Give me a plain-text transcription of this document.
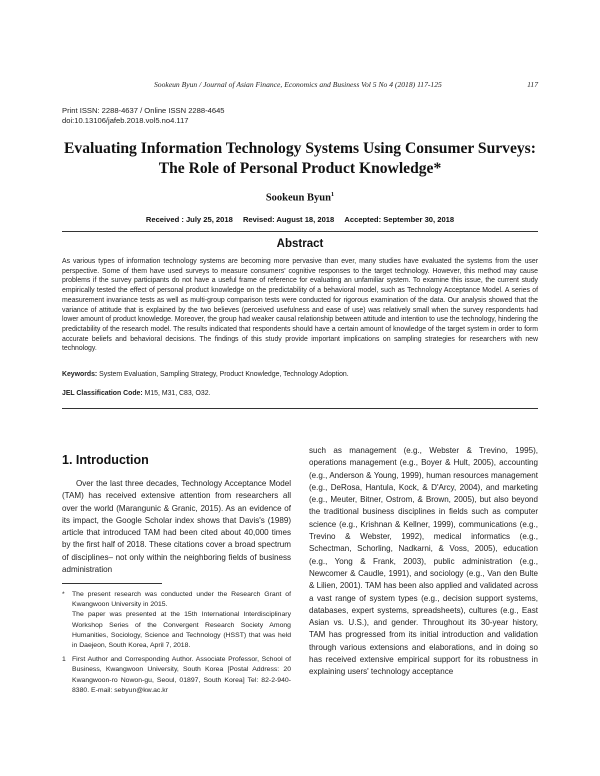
Sookeun Byun / Journal of Asian Finance, Economics and Business Vol 5 No 4 (2018) 117-125	117
Print ISSN: 2288-4637 / Online ISSN 2288-4645
doi:10.13106/jafeb.2018.vol5.no4.117
Evaluating Information Technology Systems Using Consumer Surveys:
The Role of Personal Product Knowledge*
Sookeun Byun$^1$
Received : July 25, 2018 Revised: August 18, 2018 Accepted: September 30, 2018
Abstract
As various types of information technology systems are becoming more pervasive than ever, many studies have evaluated the systems from the user perspective. Some of them have used surveys to measure consumers' cognitive responses to the target technology. However, this method may cause problems if the survey participants do not have a useful frame of reference for evaluating an unfamiliar system. To examine this issue, the current study empirically tested the effect of personal product knowledge on the predictability of a behavioral model, such as Technology Acceptance Model. A series of measurement invariance tests as well as multi-group comparison tests were conducted for rigorous examination of the data. Our analysis showed that the variance of attitude that is explained by the two believes (perceived usefulness and ease of use) was relatively small when the survey respondents had lower amount of product knowledge. Moreover, the group had weaker causal relationship between attitude and intention to use the technology, hindering the predictability of the research model. The results indicated that respondents should have a certain amount of knowledge of the target system in order to form accurate beliefs and behavioral decisions. The findings of this study provide important implications on sampling strategies for researchers with new technology.
Keywords: System Evaluation, Sampling Strategy, Product Knowledge, Technology Adoption.
JEL Classification Code: M15, M31, C83, O32.
1. Introduction

Over the last three decades, Technology Acceptance Model (TAM) has received extensive attention from researchers all over the world (Marangunic & Granic, 2015). As an evidence of its impact, the Google Scholar index shows that Davis's (1989) article that introduced TAM had been cited about 40,000 times by the first half of 2018. These citations cover a broad spectrum of disciplines– not only within the neighboring fields of business administration

* The present research was conducted under the Research Grant of Kwangwoon University in 2015.
The paper was presented at the 15th International Interdisciplinary Workshop Series of the Convergent Research Society Among Humanities, Sociology, Science and Technology (HSST) that was held in Daejeon, South Korea, April 7, 2018.
1 First Author and Corresponding Author. Associate Professor, School of Business, Kwangwoon University, South Korea [Postal Address: 20 Kwangwoon-ro Nowon-gu, Seoul, 01897, South Korea] Tel: 82-2-940-8380. E-mail: sebyun@kw.ac.kr

such as management (e.g., Webster & Trevino, 1995), operations management (e.g., Boyer & Hult, 2005), accounting (e.g., Anderson & Young, 1999), human resources management (e.g., DeRosa, Hantula, Kock, & D'Arcy, 2004), and marketing (e.g., Meuter, Bitner, Ostrom, & Brown, 2005), but also beyond the traditional business disciplines in fields such as computer science (e.g., Krishnan & Kellner, 1999), communications (e.g., Trevino & Webster, 1992), medical informatics (e.g., Schectman, Schorling, Nadkarni, & Voss, 2005), education (e.g., Yong & Frank, 2003), public administration (e.g., Newcomer & Caudle, 1991), and sociology (e.g., Van den Bulte & Lilien, 2001). TAM has been also applied and validated across a vast range of system types (e.g., decision support systems, databases, expert systems, spreadsheets), cultures (e.g., East Asian vs. U.S.), and gender. Throughout its 30-year history, TAM has progressed from its initial introduction and validation through various extensions and elaborations, and in doing so has received extensive empirical support for its robustness in explaining users' technology acceptance
